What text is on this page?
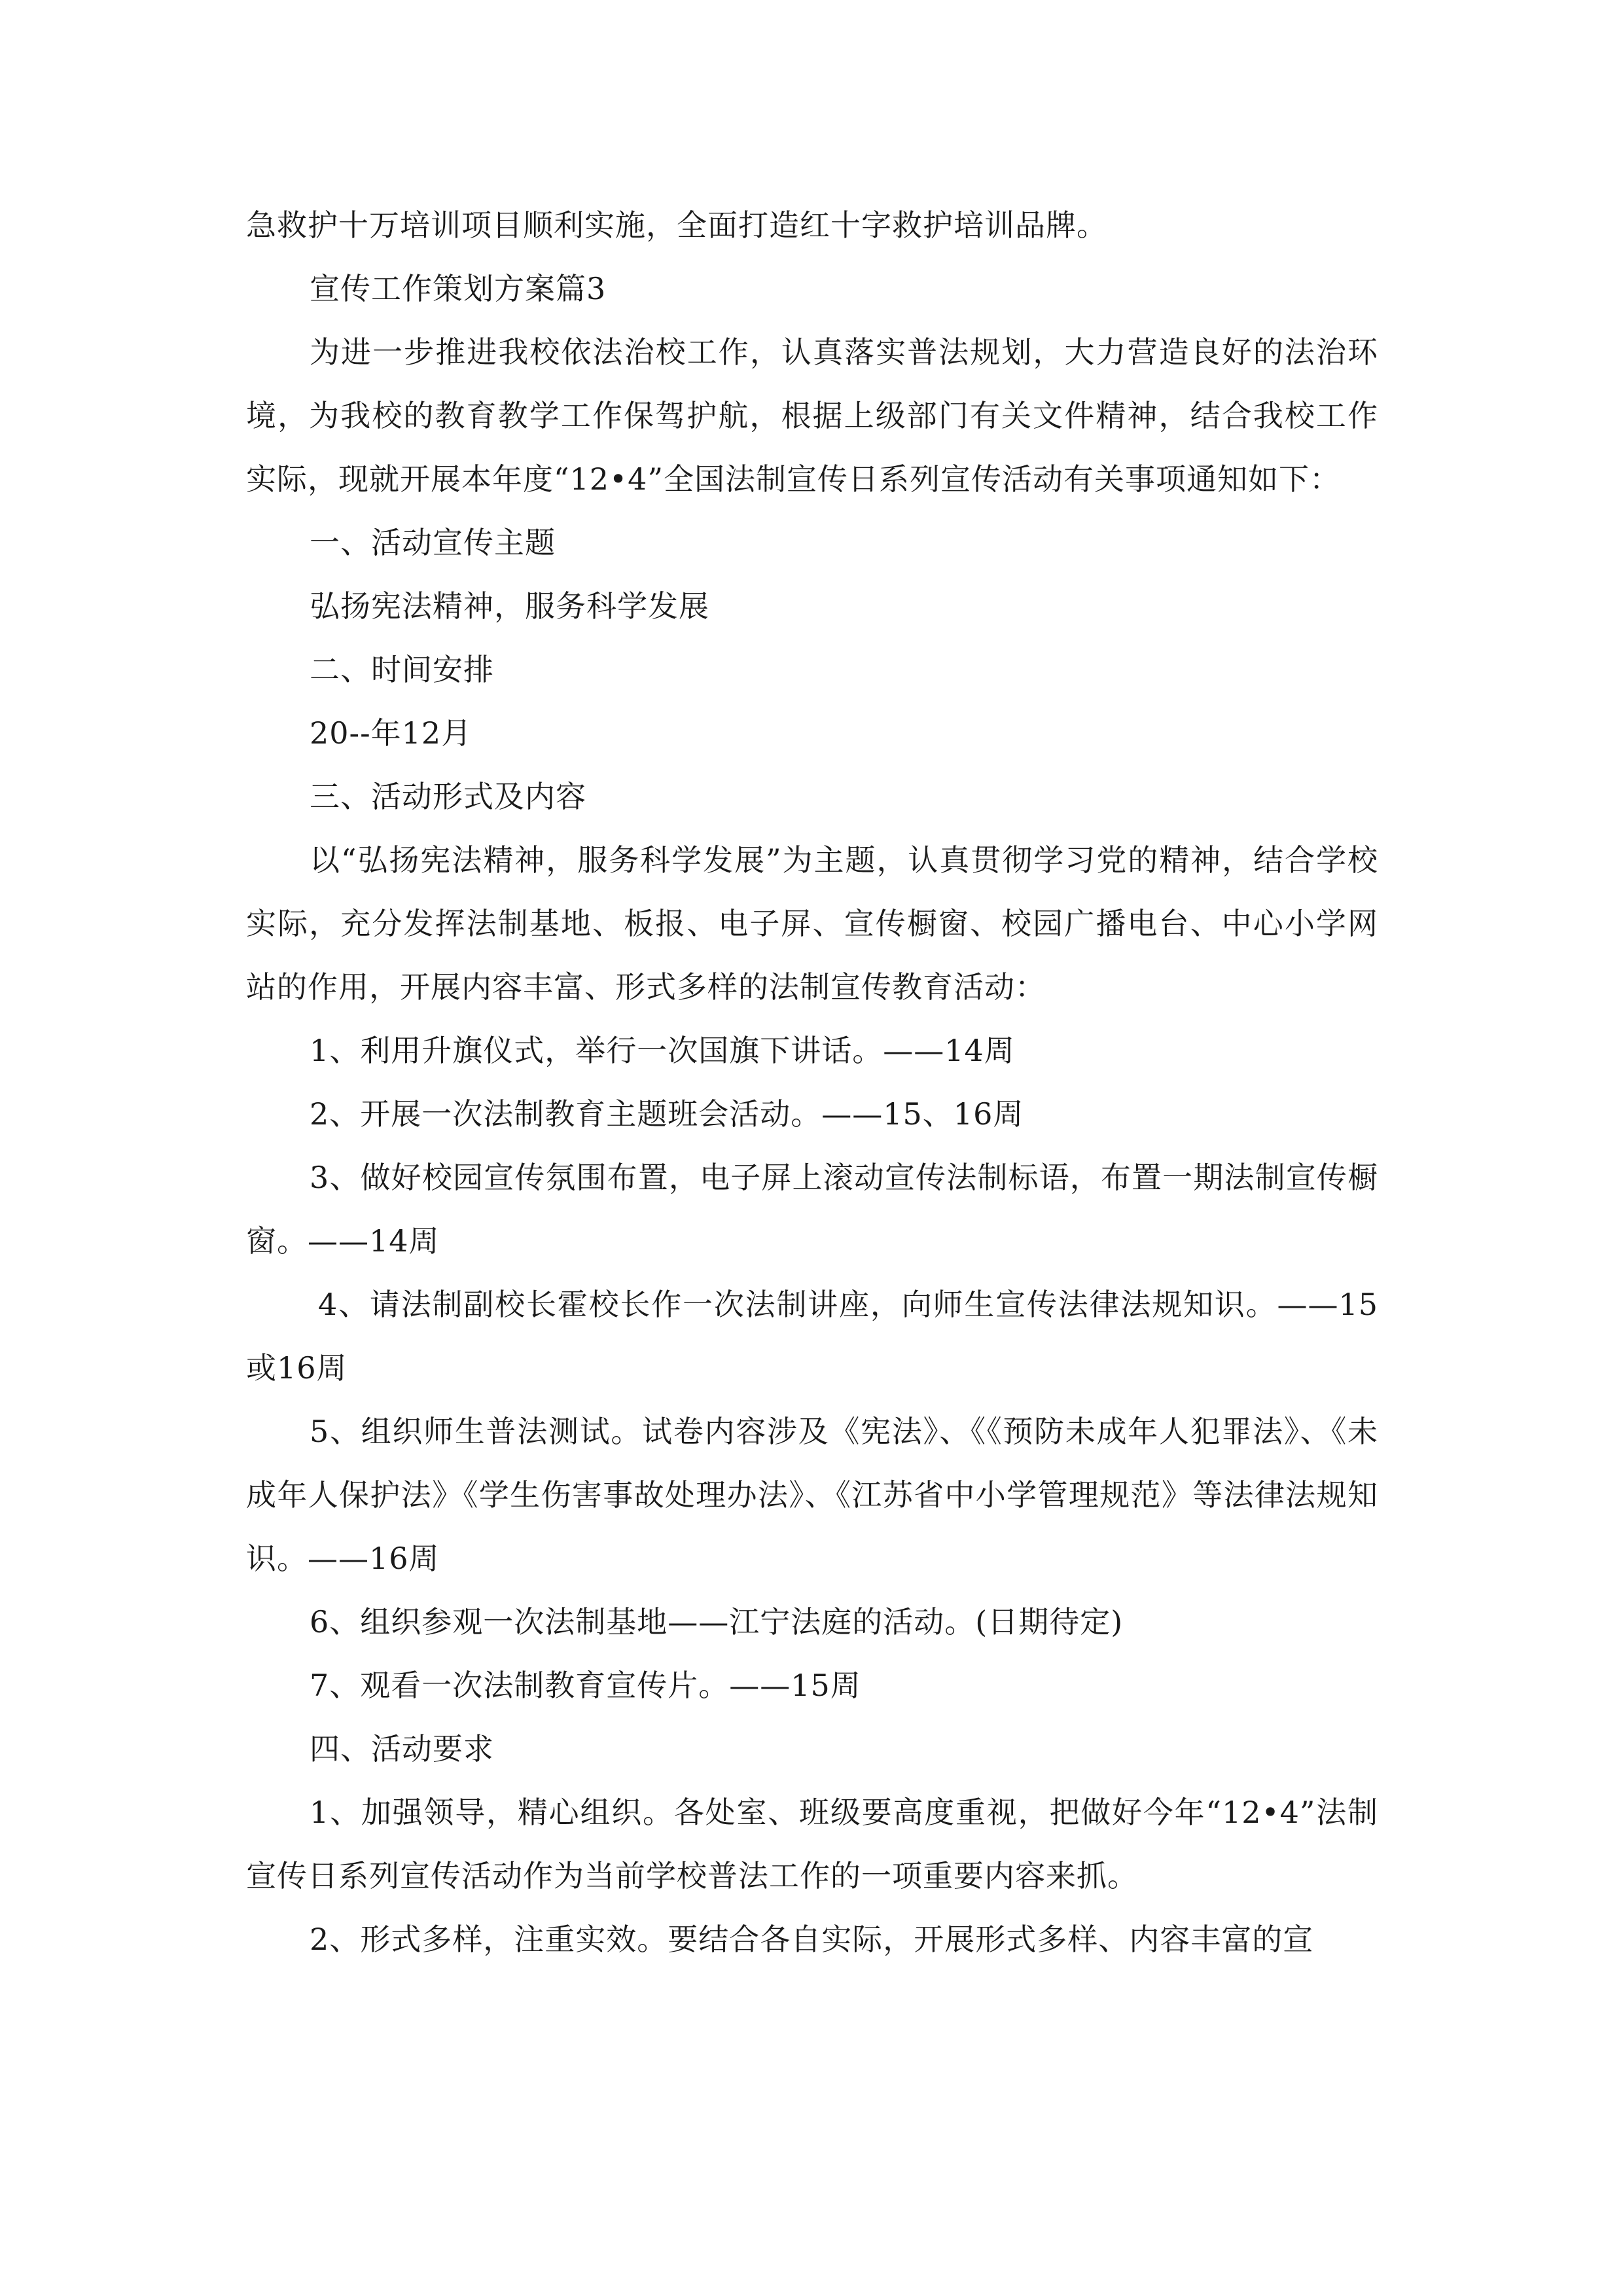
急救护十万培训项目顺利实施，全面打造红十字救护培训品牌。

宣传工作策划方案篇3

为进一步推进我校依法治校工作，认真落实普法规划，大力营造良好的法治环境，为我校的教育教学工作保驾护航，根据上级部门有关文件精神，结合我校工作实际，现就开展本年度“12•4”全国法制宣传日系列宣传活动有关事项通知如下：

一、活动宣传主题

弘扬宪法精神，服务科学发展

二、时间安排

20--年12月

三、活动形式及内容

以“弘扬宪法精神，服务科学发展”为主题，认真贯彻学习党的精神，结合学校实际，充分发挥法制基地、板报、电子屏、宣传橱窗、校园广播电台、中心小学网站的作用，开展内容丰富、形式多样的法制宣传教育活动：

1、利用升旗仪式，举行一次国旗下讲话。——14周

2、开展一次法制教育主题班会活动。——15、16周

3、做好校园宣传氛围布置，电子屏上滚动宣传法制标语，布置一期法制宣传橱窗。——14周

4、请法制副校长霍校长作一次法制讲座，向师生宣传法律法规知识。——15或16周

5、组织师生普法测试。试卷内容涉及《宪法》、《《预防未成年人犯罪法》、《未成年人保护法》《学生伤害事故处理办法》、《江苏省中小学管理规范》等法律法规知识。——16周

6、组织参观一次法制基地——江宁法庭的活动。(日期待定)

7、观看一次法制教育宣传片。——15周

四、活动要求

1、加强领导，精心组织。各处室、班级要高度重视，把做好今年“12•4”法制宣传日系列宣传活动作为当前学校普法工作的一项重要内容来抓。

2、形式多样，注重实效。要结合各自实际，开展形式多样、内容丰富的宣
